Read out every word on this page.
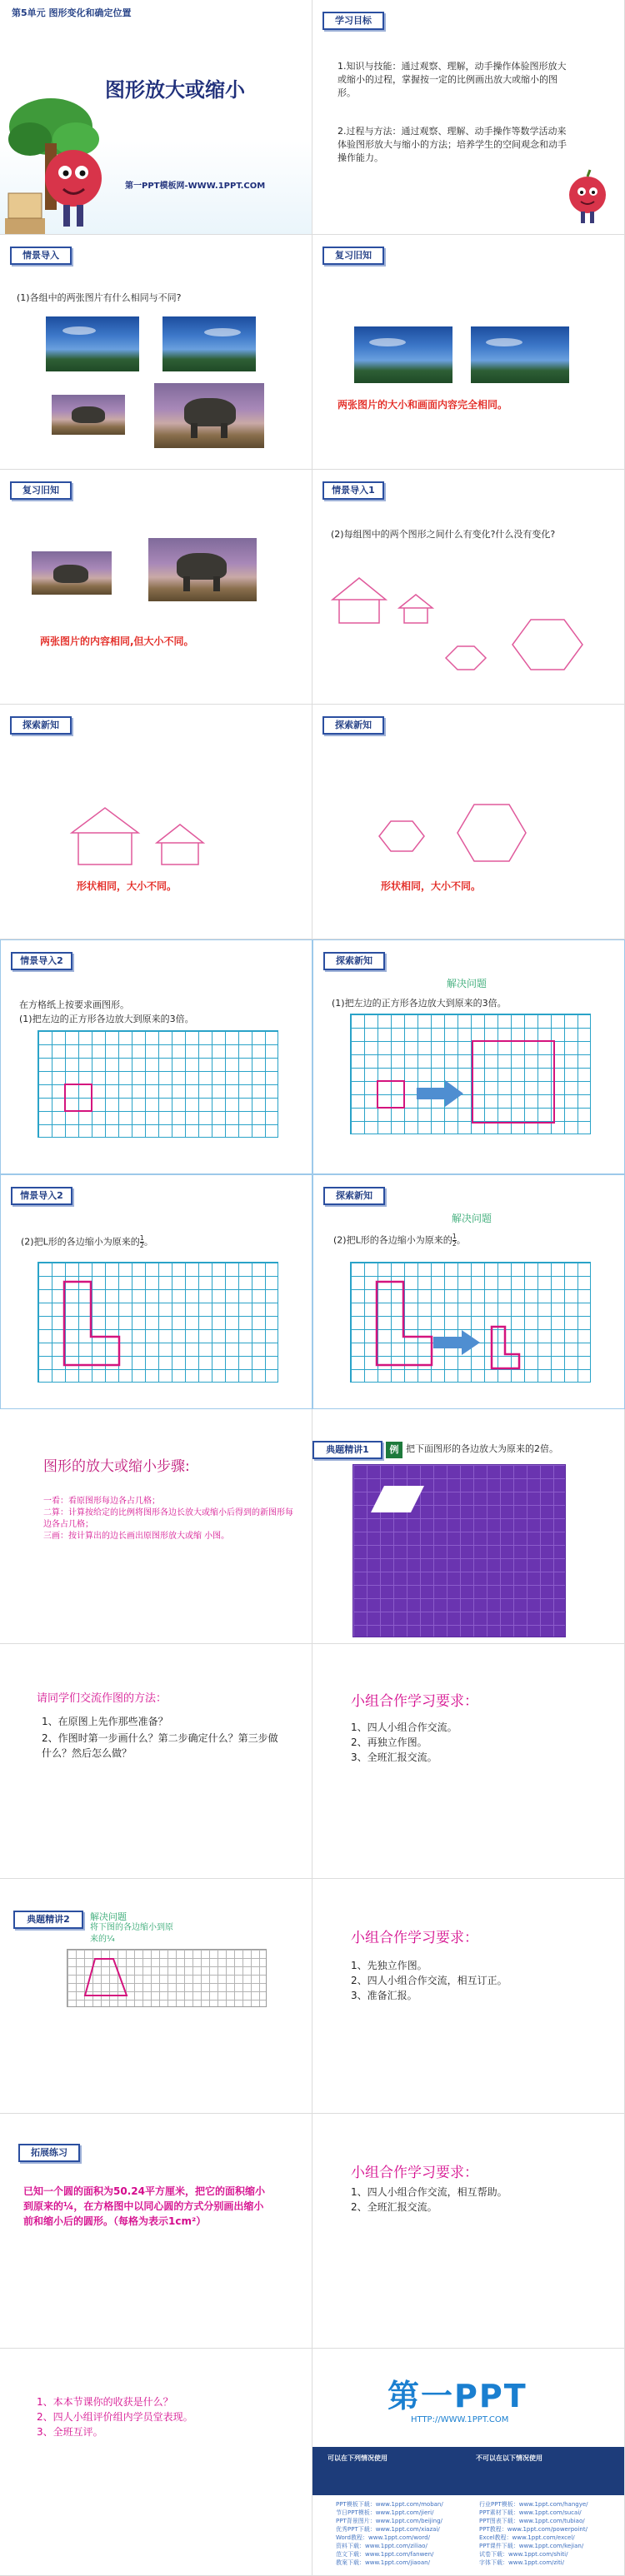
第5单元 图形变化和确定位置
图形放大或缩小
第一PPT模板网-WWW.1PPT.COM
学习目标
1.知识与技能：通过观察、理解，动手操作体验图形放大或缩小的过程，掌握按一定的比例画出放大或缩小的图形。
2.过程与方法：通过观察、理解、动手操作等数学活动来体验图形放大与缩小的方法；培养学生的空间观念和动手操作能力。
情景导入
(1)各组中的两张图片有什么相同与不同?
复习旧知
两张图片的大小和画面内容完全相同。
复习旧知
两张图片的内容相同,但大小不同。
情景导入1
(2)每组图中的两个图形之间什么有变化?什么没有变化?
探索新知
形状相同，大小不同。
探索新知
形状相同，大小不同。
情景导入2
在方格纸上按要求画图形。
(1)把左边的正方形各边放大到原来的3倍。
探索新知
解决问题
(1)把左边的正方形各边放大到原来的3倍。
情景导入2
(2)把L形的各边缩小为原来的 $\frac{1}{2}$ 。
探索新知
解决问题
(2)把L形的各边缩小为原来的 $\frac{1}{2}$ 。
图形的放大或缩小步骤:
一看：看原图形每边各占几格；
二算：计算按给定的比例将图形各边长放大或缩小后得到的新图形每边各占几格；
三画：按计算出的边长画出原图形放大或缩 小图。
典题精讲1	例 把下面图形的各边放大为原来的2倍。
请同学们交流作图的方法：
1、在原图上先作那些准备？
2、作图时第一步画什么？第二步确定什么？第三步做什么？然后怎么做？
小组合作学习要求：
1、四人小组合作交流。
2、再独立作图。
3、全班汇报交流。
典题精讲2	解决问题
将下图的各边缩小到原来的¼	小组合作学习要求：
1、先独立作图。
2、四人小组合作交流，相互订正。
3、准备汇报。
拓展练习
已知一个圆的面积为50.24平方厘米，把它的面积缩小到原来的¼，在方格图中以同心圆的方式分别画出缩小前和缩小后的圆形。（每格为表示1cm²）
小组合作学习要求：
1、四人小组合作交流，相互帮助。
2、全班汇报交流。
1、本本节课你的收获是什么？
2、四人小组评价组内学员堂表现。
3、全班互评。
第一PPT
HTTP://WWW.1PPT.COM
可以在下列情况使用	不可以在以下情况使用
PPT模板下载：www.1ppt.com/moban/
节日PPT模板：www.1ppt.com/jieri/
PPT背景图片：www.1ppt.com/beijing/
优秀PPT下载：www.1ppt.com/xiazai/
Word教程：www.1ppt.com/word/
资料下载：www.1ppt.com/ziliao/
范文下载：www.1ppt.com/fanwen/
教案下载：www.1ppt.com/jiaoan/
行业PPT模板：www.1ppt.com/hangye/
PPT素材下载：www.1ppt.com/sucai/
PPT图表下载：www.1ppt.com/tubiao/
PPT教程：www.1ppt.com/powerpoint/
Excel教程：www.1ppt.com/excel/
PPT课件下载：www.1ppt.com/kejian/
试卷下载：www.1ppt.com/shiti/
字体下载：www.1ppt.com/ziti/
